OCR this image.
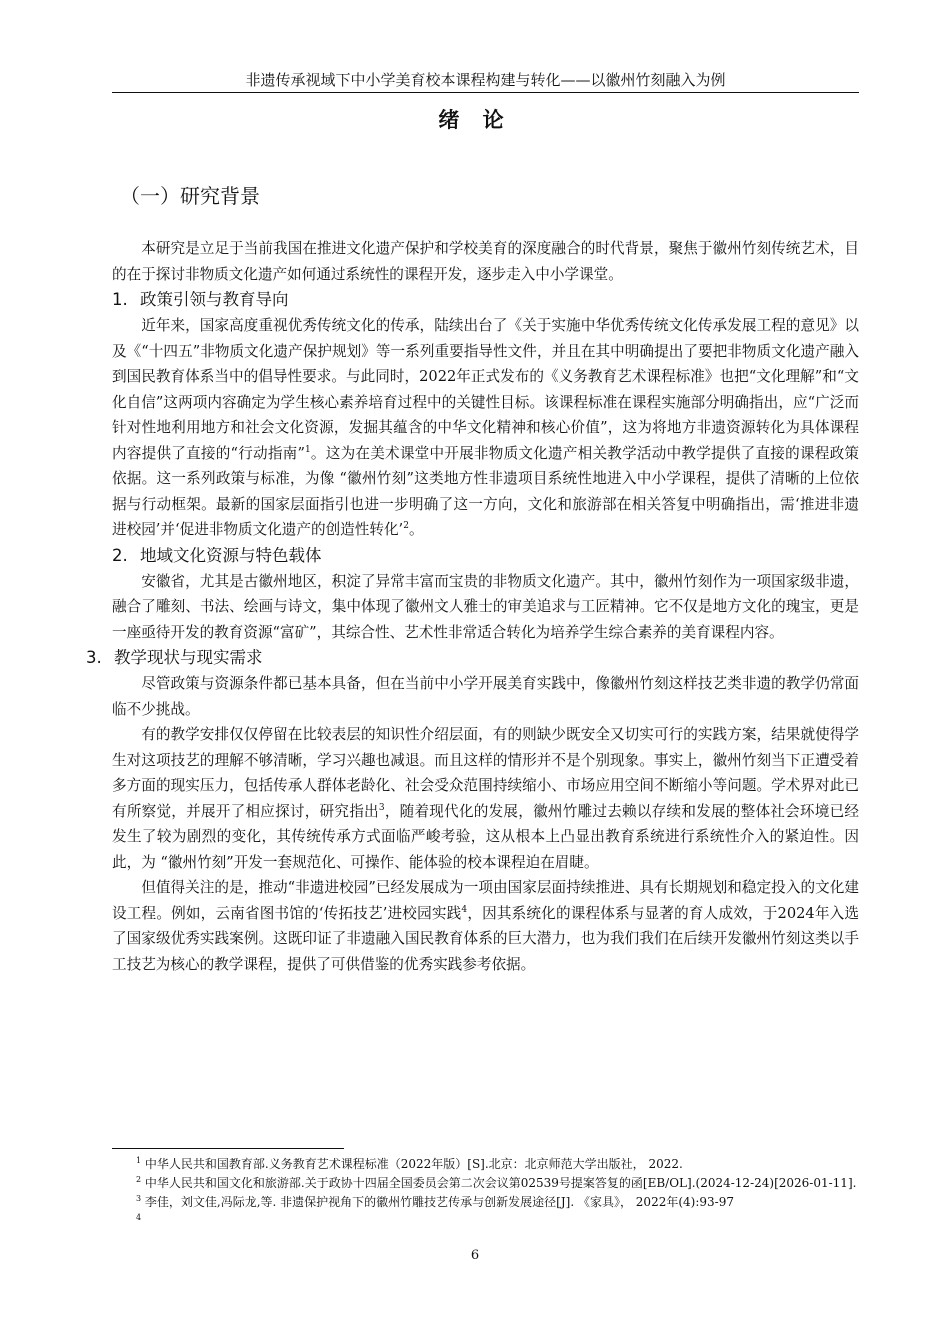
非遗传承视域下中小学美育校本课程构建与转化——以徽州竹刻融入为例
绪 论
（一）研究背景

本研究是立足于当前我国在推进文化遗产保护和学校美育的深度融合的时代背景，聚焦于徽州竹刻传统艺术，目的在于探讨非物质文化遗产如何通过系统性的课程开发，逐步走入中小学课堂。

1. 政策引领与教育导向

近年来，国家高度重视优秀传统文化的传承，陆续出台了《关于实施中华优秀传统文化传承发展工程的意见》以及《“十四五”非物质文化遗产保护规划》等一系列重要指导性文件，并且在其中明确提出了要把非物质文化遗产融入到国民教育体系当中的倡导性要求。与此同时，2022年正式发布的《义务教育艺术课程标准》也把“文化理解”和“文化自信”这两项内容确定为学生核心素养培育过程中的关键性目标。该课程标准在课程实施部分明确指出，应“广泛而针对性地利用地方和社会文化资源，发掘其蕴含的中华文化精神和核心价值”，这为将地方非遗资源转化为具体课程内容提供了直接的“行动指南”$^1$。这为在美术课堂中开展非物质文化遗产相关教学活动中教学提供了直接的课程政策依据。这一系列政策与标准，为像 “徽州竹刻”这类地方性非遗项目系统性地进入中小学课程，提供了清晰的上位依据与行动框架。最新的国家层面指引也进一步明确了这一方向，文化和旅游部在相关答复中明确指出，需‘推进非遗进校园’并‘促进非物质文化遗产的创造性转化’$^2$。

2. 地域文化资源与特色载体

安徽省，尤其是古徽州地区，积淀了异常丰富而宝贵的非物质文化遗产。其中，徽州竹刻作为一项国家级非遗，融合了雕刻、书法、绘画与诗文，集中体现了徽州文人雅士的审美追求与工匠精神。它不仅是地方文化的瑰宝，更是一座亟待开发的教育资源“富矿”，其综合性、艺术性非常适合转化为培养学生综合素养的美育课程内容。

3. 教学现状与现实需求

尽管政策与资源条件都已基本具备，但在当前中小学开展美育实践中，像徽州竹刻这样技艺类非遗的教学仍常面临不少挑战。

有的教学安排仅仅停留在比较表层的知识性介绍层面，有的则缺少既安全又切实可行的实践方案，结果就使得学生对这项技艺的理解不够清晰，学习兴趣也减退。而且这样的情形并不是个别现象。事实上，徽州竹刻当下正遭受着多方面的现实压力，包括传承人群体老龄化、社会受众范围持续缩小、市场应用空间不断缩小等问题。学术界对此已有所察觉，并展开了相应探讨，研究指出$^3$，随着现代化的发展，徽州竹雕过去赖以存续和发展的整体社会环境已经发生了较为剧烈的变化，其传统传承方式面临严峻考验，这从根本上凸显出教育系统进行系统性介入的紧迫性。因此，为 “徽州竹刻”开发一套规范化、可操作、能体验的校本课程迫在眉睫。

但值得关注的是，推动“非遗进校园”已经发展成为一项由国家层面持续推进、具有长期规划和稳定投入的文化建设工程。例如，云南省图书馆的‘传拓技艺’进校园实践$^4$，因其系统化的课程体系与显著的育人成效，于2024年入选了国家级优秀实践案例。这既印证了非遗融入国民教育体系的巨大潜力，也为我们我们在后续开发徽州竹刻这类以手工技艺为核心的教学课程，提供了可供借鉴的优秀实践参考依据。

$^1$ 中华人民共和国教育部.义务教育艺术课程标准（2022年版）[S].北京：北京师范大学出版社， 2022.
$^2$ 中华人民共和国文化和旅游部.关于政协十四届全国委员会第二次会议第02539号提案答复的函[EB/OL].(2024-12-24)[2026-01-11].
$^3$ 李佳，刘文佳,冯际龙,等. 非遗保护视角下的徽州竹雕技艺传承与创新发展途径[J]. 《家具》， 2022年(4):93-97
$^4$
6
